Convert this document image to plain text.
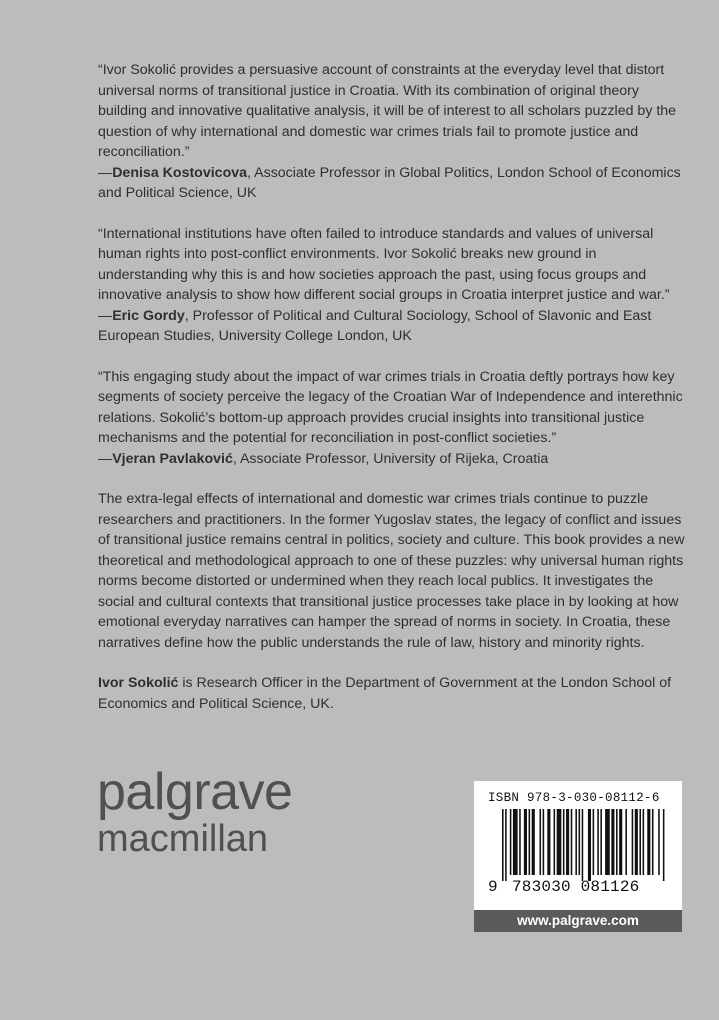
“Ivor Sokolić provides a persuasive account of constraints at the everyday level that distort universal norms of transitional justice in Croatia. With its combination of original theory building and innovative qualitative analysis, it will be of interest to all scholars puzzled by the question of why international and domestic war crimes trials fail to promote justice and reconciliation.”
—Denisa Kostovicova, Associate Professor in Global Politics, London School of Economics and Political Science, UK
“International institutions have often failed to introduce standards and values of universal human rights into post-conflict environments. Ivor Sokolić breaks new ground in understanding why this is and how societies approach the past, using focus groups and innovative analysis to show how different social groups in Croatia interpret justice and war.”
—Eric Gordy, Professor of Political and Cultural Sociology, School of Slavonic and East European Studies, University College London, UK
“This engaging study about the impact of war crimes trials in Croatia deftly portrays how key segments of society perceive the legacy of the Croatian War of Independence and interethnic relations. Sokolić’s bottom-up approach provides crucial insights into transitional justice mechanisms and the potential for reconciliation in post-conflict societies.”
—Vjeran Pavlaković, Associate Professor, University of Rijeka, Croatia

The extra-legal effects of international and domestic war crimes trials continue to puzzle researchers and practitioners. In the former Yugoslav states, the legacy of conflict and issues of transitional justice remains central in politics, society and culture. This book provides a new theoretical and methodological approach to one of these puzzles: why universal human rights norms become distorted or undermined when they reach local publics. It investigates the social and cultural contexts that transitional justice processes take place in by looking at how emotional everyday narratives can hamper the spread of norms in society. In Croatia, these narratives define how the public understands the rule of law, history and minority rights.

Ivor Sokolić is Research Officer in the Department of Government at the London School of Economics and Political Science, UK.

palgrave
macmillan
ISBN 978-3-030-08112-6
9 783030 081126
www.palgrave.com
